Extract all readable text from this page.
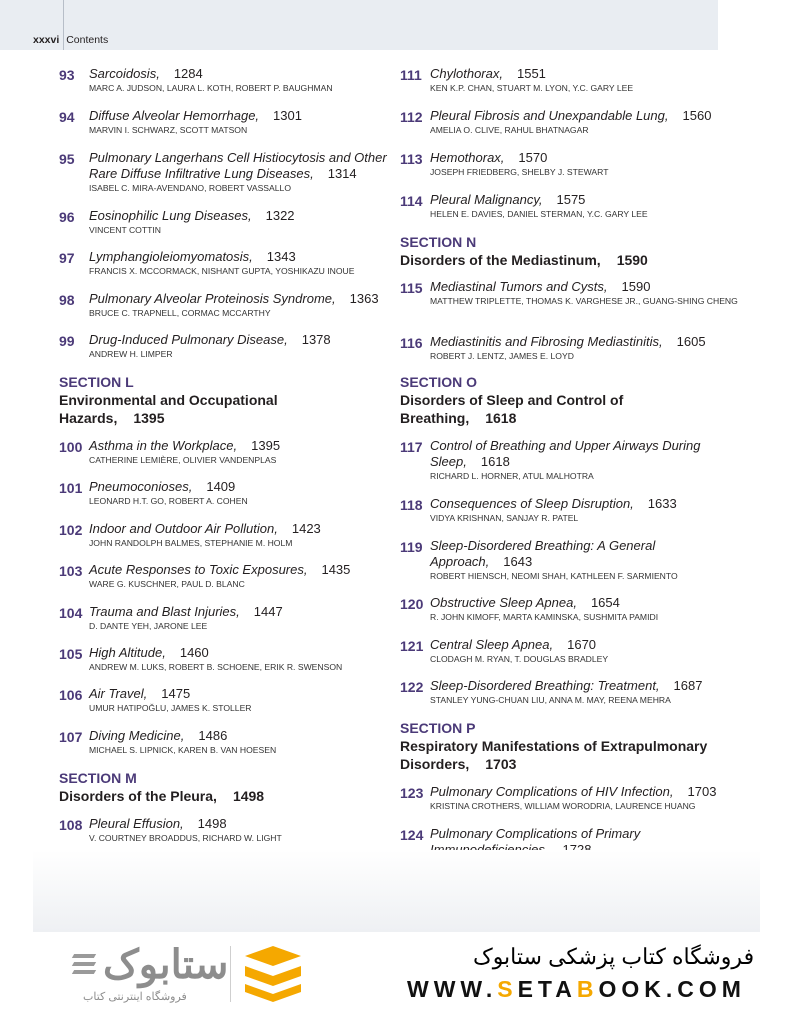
xxxvi Contents
93 Sarcoidosis, 1284
MARC A. JUDSON, LAURA L. KOTH, ROBERT P. BAUGHMAN
94 Diffuse Alveolar Hemorrhage, 1301
MARVIN I. SCHWARZ, SCOTT MATSON
95 Pulmonary Langerhans Cell Histiocytosis and Other Rare Diffuse Infiltrative Lung Diseases, 1314
ISABEL C. MIRA-AVENDANO, ROBERT VASSALLO
96 Eosinophilic Lung Diseases, 1322
VINCENT COTTIN
97 Lymphangioleiomyomatosis, 1343
FRANCIS X. MCCORMACK, NISHANT GUPTA, YOSHIKAZU INOUE
98 Pulmonary Alveolar Proteinosis Syndrome, 1363
BRUCE C. TRAPNELL, CORMAC MCCARTHY
99 Drug-Induced Pulmonary Disease, 1378
ANDREW H. LIMPER
SECTION L
Environmental and Occupational Hazards, 1395
100 Asthma in the Workplace, 1395
CATHERINE LEMIÈRE, OLIVIER VANDENPLAS
101 Pneumoconioses, 1409
LEONARD H.T. GO, ROBERT A. COHEN
102 Indoor and Outdoor Air Pollution, 1423
JOHN RANDOLPH BALMES, STEPHANIE M. HOLM
103 Acute Responses to Toxic Exposures, 1435
WARE G. KUSCHNER, PAUL D. BLANC
104 Trauma and Blast Injuries, 1447
D. DANTE YEH, JARONE LEE
105 High Altitude, 1460
ANDREW M. LUKS, ROBERT B. SCHOENE, ERIK R. SWENSON
106 Air Travel, 1475
UMUR HATIPOĞLU, JAMES K. STOLLER
107 Diving Medicine, 1486
MICHAEL S. LIPNICK, KAREN B. VAN HOESEN
SECTION M
Disorders of the Pleura, 1498
108 Pleural Effusion, 1498
V. COURTNEY BROADDUS, RICHARD W. LIGHT
111 Chylothorax, 1551
KEN K.P. CHAN, STUART M. LYON, Y.C. GARY LEE
112 Pleural Fibrosis and Unexpandable Lung, 1560
AMELIA O. CLIVE, RAHUL BHATNAGAR
113 Hemothorax, 1570
JOSEPH FRIEDBERG, SHELBY J. STEWART
114 Pleural Malignancy, 1575
HELEN E. DAVIES, DANIEL STERMAN, Y.C. GARY LEE
SECTION N
Disorders of the Mediastinum, 1590
115 Mediastinal Tumors and Cysts, 1590
MATTHEW TRIPLETTE, THOMAS K. VARGHESE JR., GUANG-SHING CHENG
116 Mediastinitis and Fibrosing Mediastinitis, 1605
ROBERT J. LENTZ, JAMES E. LOYD
SECTION O
Disorders of Sleep and Control of Breathing, 1618
117 Control of Breathing and Upper Airways During Sleep, 1618
RICHARD L. HORNER, ATUL MALHOTRA
118 Consequences of Sleep Disruption, 1633
VIDYA KRISHNAN, SANJAY R. PATEL
119 Sleep-Disordered Breathing: A General Approach, 1643
ROBERT HIENSCH, NEOMI SHAH, KATHLEEN F. SARMIENTO
120 Obstructive Sleep Apnea, 1654
R. JOHN KIMOFF, MARTA KAMINSKA, SUSHMITA PAMIDI
121 Central Sleep Apnea, 1670
CLODAGH M. RYAN, T. DOUGLAS BRADLEY
122 Sleep-Disordered Breathing: Treatment, 1687
STANLEY YUNG-CHUAN LIU, ANNA M. MAY, REENA MEHRA
SECTION P
Respiratory Manifestations of Extrapulmonary Disorders, 1703
123 Pulmonary Complications of HIV Infection, 1703
KRISTINA CROTHERS, WILLIAM WORODRIA, LAURENCE HUANG
124 Pulmonary Complications of Primary
ستابوک
فروشگاه اینترنتی کتاب
فروشگاه کتاب پزشکی ستابوک
WWW.SETABOOK.COM
